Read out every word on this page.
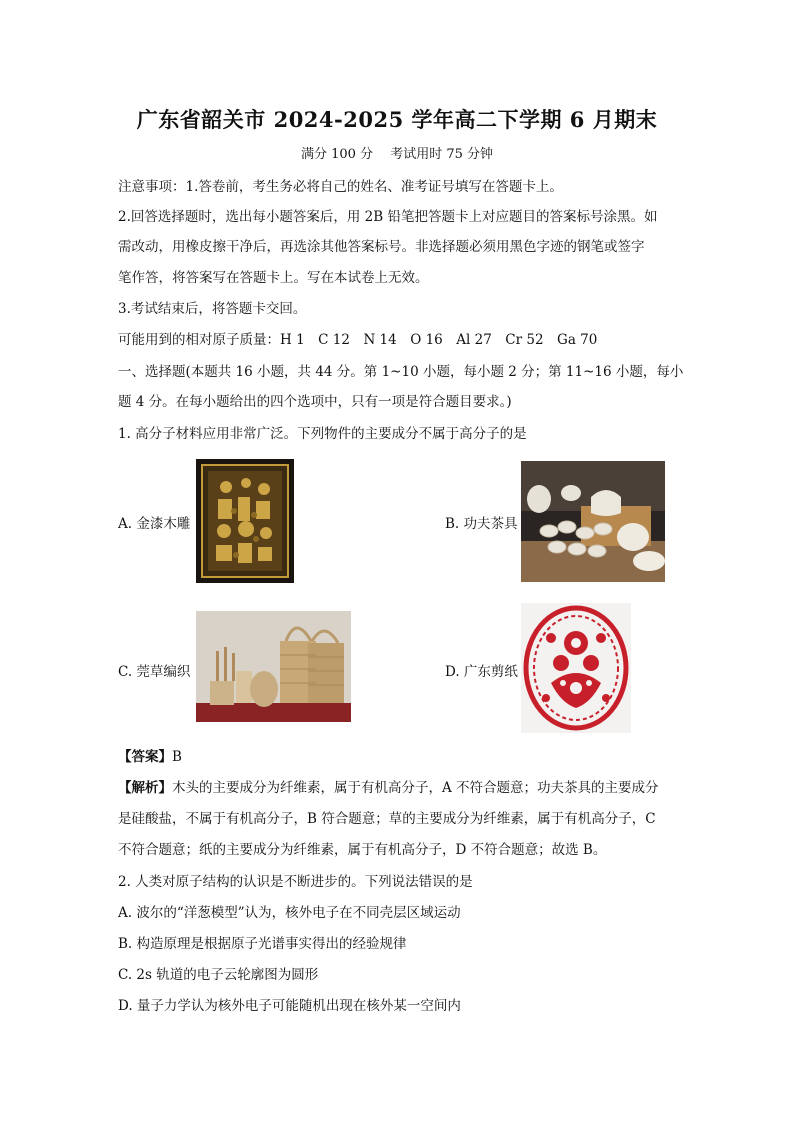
广东省韶关市 2024-2025 学年高二下学期 6 月期末
满分 100 分　 考试用时 75 分钟
注意事项：1.答卷前，考生务必将自己的姓名、准考证号填写在答题卡上。
2.回答选择题时，选出每小题答案后，用 2B 铅笔把答题卡上对应题目的答案标号涂黑。如
需改动，用橡皮擦干净后，再选涂其他答案标号。非选择题必须用黑色字迹的钢笔或签字
笔作答，将答案写在答题卡上。写在本试卷上无效。
3.考试结束后，将答题卡交回。
可能用到的相对原子质量：H 1　C 12　N 14　O 16　Al 27　Cr 52　Ga 70
一、选择题(本题共 16 小题，共 44 分。第 1~10 小题，每小题 2 分；第 11~16 小题，每小
题 4 分。在每小题给出的四个选项中，只有一项是符合题目要求。)
1. 高分子材料应用非常广泛。下列物件的主要成分不属于高分子的是
A. 金漆木雕	B. 功夫茶具
C. 莞草编织	D. 广东剪纸
【答案】B
【解析】木头的主要成分为纤维素，属于有机高分子，A 不符合题意；功夫茶具的主要成分
是硅酸盐，不属于有机高分子，B 符合题意；草的主要成分为纤维素，属于有机高分子，C
不符合题意；纸的主要成分为纤维素，属于有机高分子，D 不符合题意；故选 B。
2. 人类对原子结构的认识是不断进步的。下列说法错误的是
A. 波尔的“洋葱模型”认为，核外电子在不同壳层区域运动
B. 构造原理是根据原子光谱事实得出的经验规律
C. 2s 轨道的电子云轮廓图为圆形
D. 量子力学认为核外电子可能随机出现在核外某一空间内
